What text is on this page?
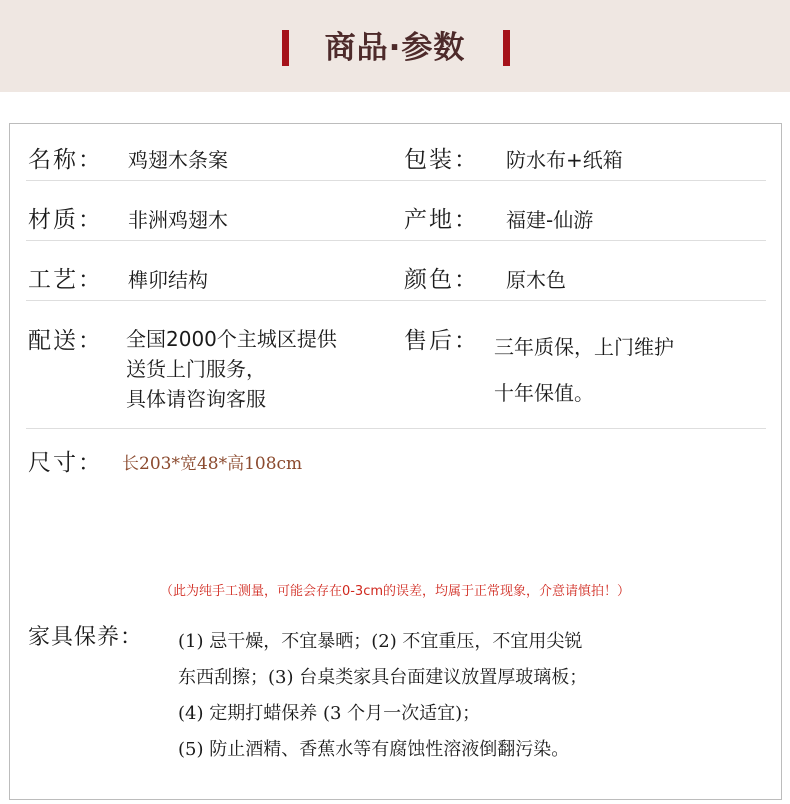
商品·参数
名称： 鸡翅木条案	包装： 防水布+纸箱
材质： 非洲鸡翅木	产地： 福建-仙游
工艺： 榫卯结构	颜色： 原木色
配送： 全国2000个主城区提供
送货上门服务，
具体请咨询客服
售后： 三年质保，上门维护
十年保值。
尺寸： 长203*宽48*高108cm
（此为纯手工测量，可能会存在0-3cm的误差，均属于正常现象，介意请慎拍！）
家具保养： (1) 忌干燥，不宜暴晒；(2) 不宜重压，不宜用尖锐
东西刮擦；(3) 台桌类家具台面建议放置厚玻璃板；
(4) 定期打蜡保养 (3 个月一次适宜)；
(5) 防止酒精、香蕉水等有腐蚀性溶液倒翻污染。
